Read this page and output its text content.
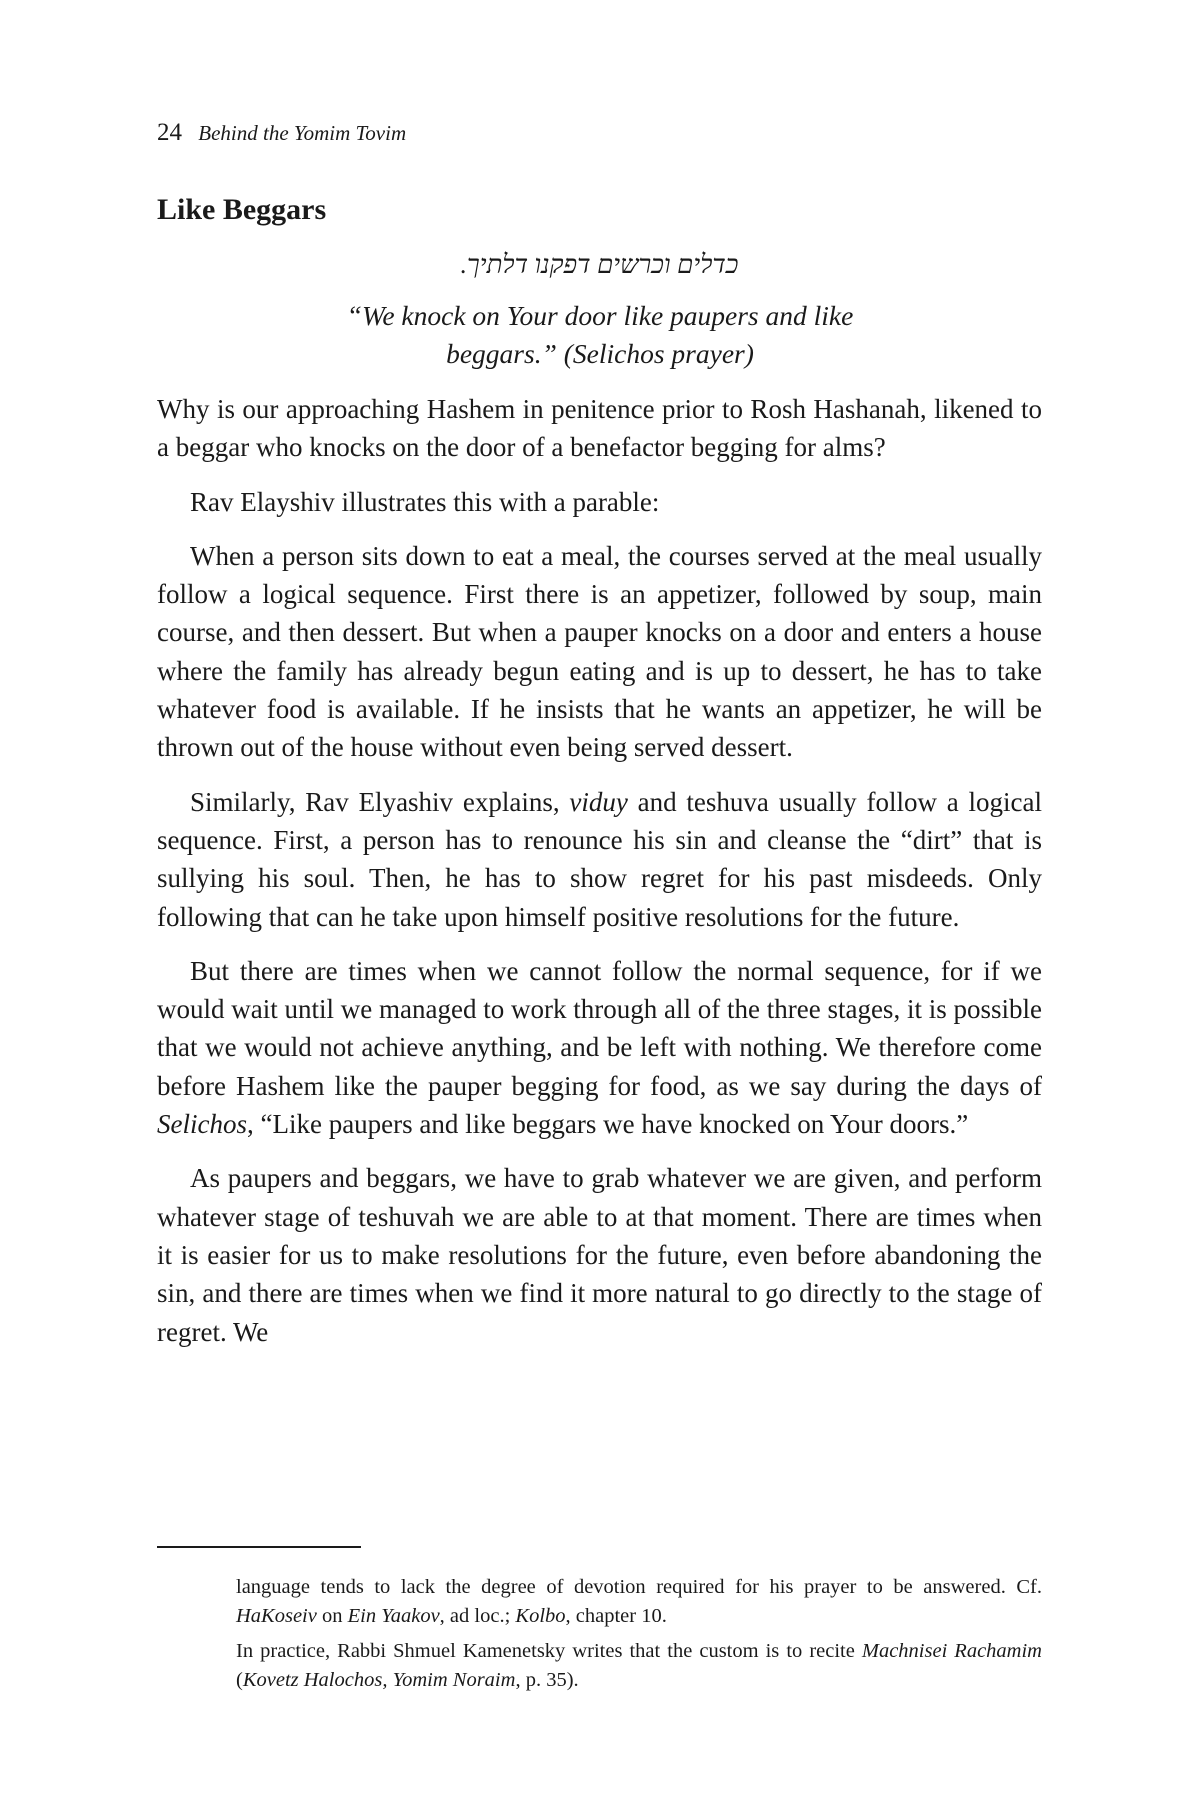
24 Behind the Yomim Tovim
Like Beggars

כדלים וכרשים דפקנו דלתיך.

“We knock on Your door like paupers and like
beggars.” (Selichos prayer)

Why is our approaching Hashem in penitence prior to Rosh Hashanah, likened to a beggar who knocks on the door of a benefactor begging for alms?

Rav Elayshiv illustrates this with a parable:

When a person sits down to eat a meal, the courses served at the meal usually follow a logical sequence. First there is an appetizer, followed by soup, main course, and then dessert. But when a pauper knocks on a door and enters a house where the family has already begun eating and is up to dessert, he has to take whatever food is available. If he insists that he wants an appetizer, he will be thrown out of the house without even being served dessert.

Similarly, Rav Elyashiv explains, viduy and teshuva usually follow a logical sequence. First, a person has to renounce his sin and cleanse the “dirt” that is sullying his soul. Then, he has to show regret for his past misdeeds. Only following that can he take upon himself positive resolutions for the future.

But there are times when we cannot follow the normal sequence, for if we would wait until we managed to work through all of the three stages, it is possible that we would not achieve anything, and be left with nothing. We therefore come before Hashem like the pauper begging for food, as we say during the days of Selichos, “Like paupers and like beggars we have knocked on Your doors.”

As paupers and beggars, we have to grab whatever we are given, and perform whatever stage of teshuvah we are able to at that moment. There are times when it is easier for us to make resolutions for the future, even before abandoning the sin, and there are times when we find it more natural to go directly to the stage of regret. We

language tends to lack the degree of devotion required for his prayer to be answered. Cf. HaKoseiv on Ein Yaakov, ad loc.; Kolbo, chapter 10.

In practice, Rabbi Shmuel Kamenetsky writes that the custom is to recite Machnisei Rachamim (Kovetz Halochos, Yomim Noraim, p. 35).
